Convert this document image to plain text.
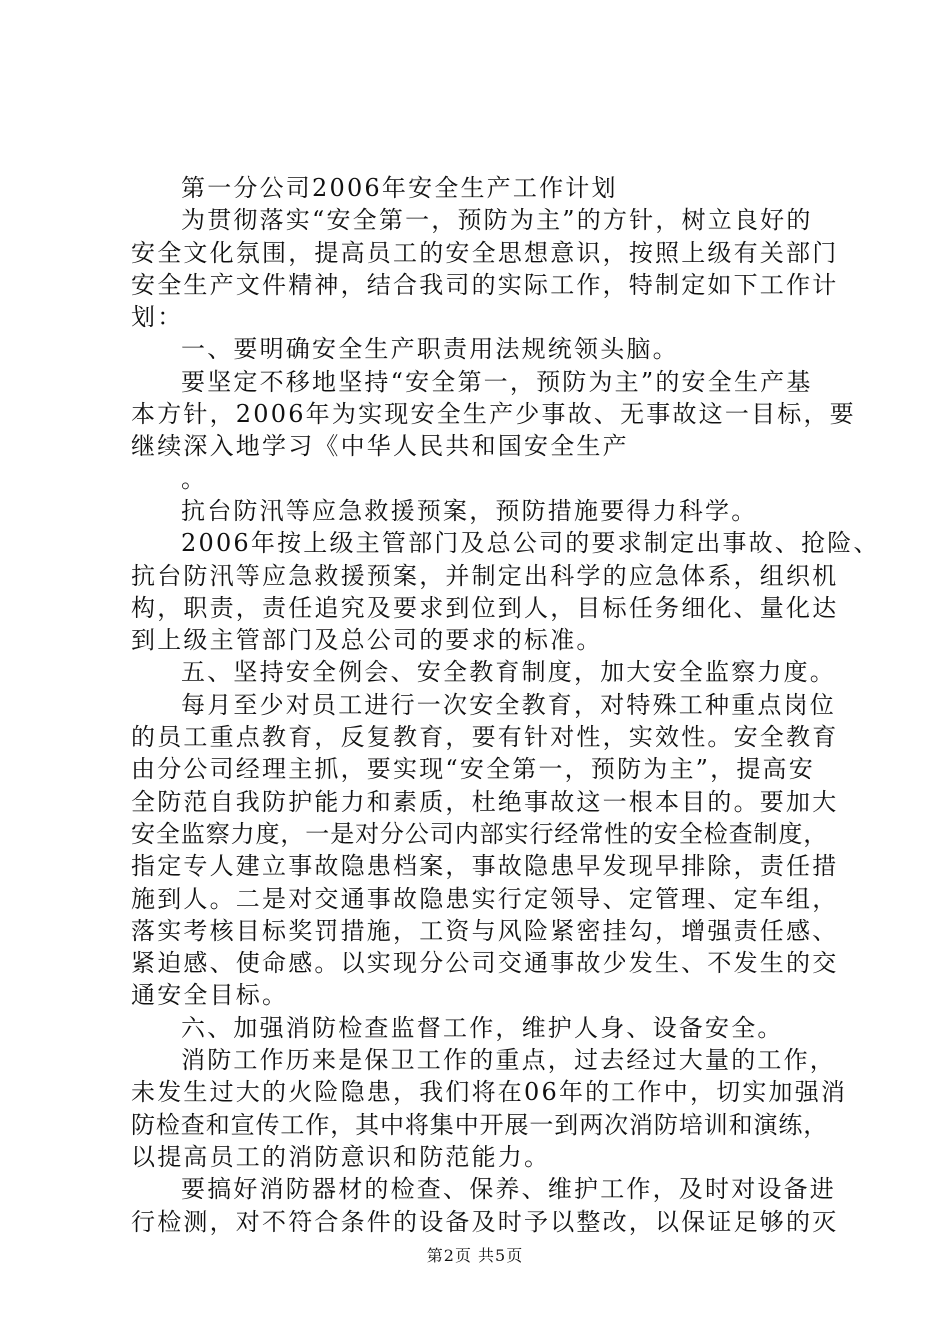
第一分公司2006年安全生产工作计划
为贯彻落实“安全第一，预防为主”的方针，树立良好的
安全文化氛围，提高员工的安全思想意识，按照上级有关部门
安全生产文件精神，结合我司的实际工作，特制定如下工作计
划：
一、要明确安全生产职责用法规统领头脑。
要坚定不移地坚持“安全第一，预防为主”的安全生产基
本方针，2006年为实现安全生产少事故、无事故这一目标，要
继续深入地学习《中华人民共和国安全生产
。
抗台防汛等应急救援预案，预防措施要得力科学。
2006年按上级主管部门及总公司的要求制定出事故、抢险、
抗台防汛等应急救援预案，并制定出科学的应急体系，组织机
构，职责，责任追究及要求到位到人，目标任务细化、量化达
到上级主管部门及总公司的要求的标准。
五、坚持安全例会、安全教育制度，加大安全监察力度。
每月至少对员工进行一次安全教育，对特殊工种重点岗位
的员工重点教育，反复教育，要有针对性，实效性。安全教育
由分公司经理主抓，要实现“安全第一，预防为主”，提高安
全防范自我防护能力和素质，杜绝事故这一根本目的。要加大
安全监察力度，一是对分公司内部实行经常性的安全检查制度，
指定专人建立事故隐患档案，事故隐患早发现早排除，责任措
施到人。二是对交通事故隐患实行定领导、定管理、定车组，
落实考核目标奖罚措施，工资与风险紧密挂勾，增强责任感、
紧迫感、使命感。以实现分公司交通事故少发生、不发生的交
通安全目标。
六、加强消防检查监督工作，维护人身、设备安全。
消防工作历来是保卫工作的重点，过去经过大量的工作，
未发生过大的火险隐患，我们将在06年的工作中，切实加强消
防检查和宣传工作，其中将集中开展一到两次消防培训和演练，
以提高员工的消防意识和防范能力。
要搞好消防器材的检查、保养、维护工作，及时对设备进
行检测，对不符合条件的设备及时予以整改，以保证足够的灭
第2页 共5页
